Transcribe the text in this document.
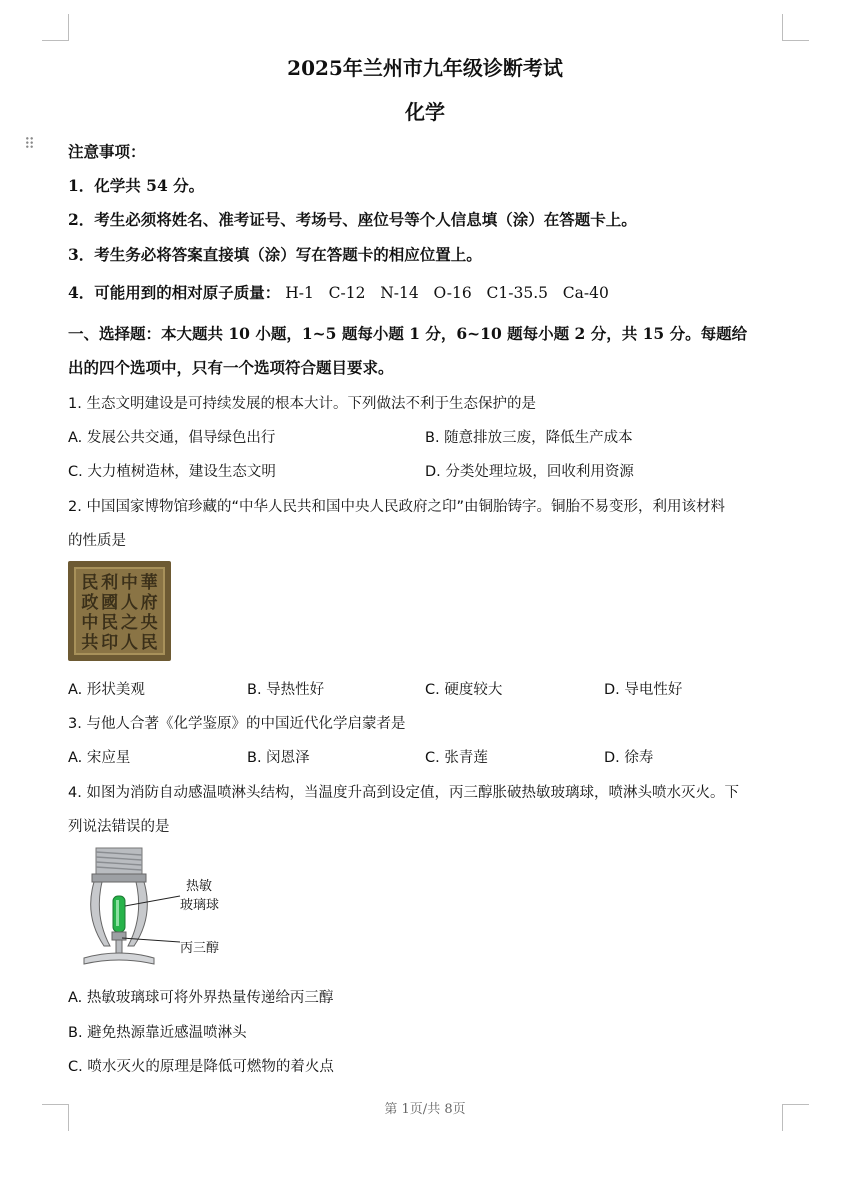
⠿
2025年兰州市九年级诊断考试
化学
注意事项：
1．化学共 54 分。
2．考生必须将姓名、准考证号、考场号、座位号等个人信息填（涂）在答题卡上。
3．考生务必将答案直接填（涂）写在答题卡的相应位置上。
4．可能用到的相对原子质量： H-1   C-12   N-14   O-16   C1-35.5   Ca-40
一、选择题：本大题共 10 小题，1~5 题每小题 1 分，6~10 题每小题 2 分，共 15 分。每题给
出的四个选项中，只有一个选项符合题目要求。
1. 生态文明建设是可持续发展的根本大计。下列做法不利于生态保护的是
A. 发展公共交通，倡导绿色出行	B. 随意排放三废，降低生产成本
C. 大力植树造林，建设生态文明	D. 分类处理垃圾，回收利用资源
2. 中国国家博物馆珍藏的“中华人民共和国中央人民政府之印”由铜胎铸字。铜胎不易变形，利用该材料
的性质是
民 利 中 華
政 國 人 府
中 民 之 央
共 印 人 民
A. 形状美观	B. 导热性好	C. 硬度较大	D. 导电性好
3. 与他人合著《化学鉴原》的中国近代化学启蒙者是
A. 宋应星	B. 闵恩泽	C. 张青莲	D. 徐寿
4. 如图为消防自动感温喷淋头结构，当温度升高到设定值，丙三醇胀破热敏玻璃球，喷淋头喷水灭火。下
列说法错误的是
热敏
玻璃球
丙三醇
A. 热敏玻璃球可将外界热量传递给丙三醇
B. 避免热源靠近感温喷淋头
C. 喷水灭火的原理是降低可燃物的着火点
第 1页/共 8页
